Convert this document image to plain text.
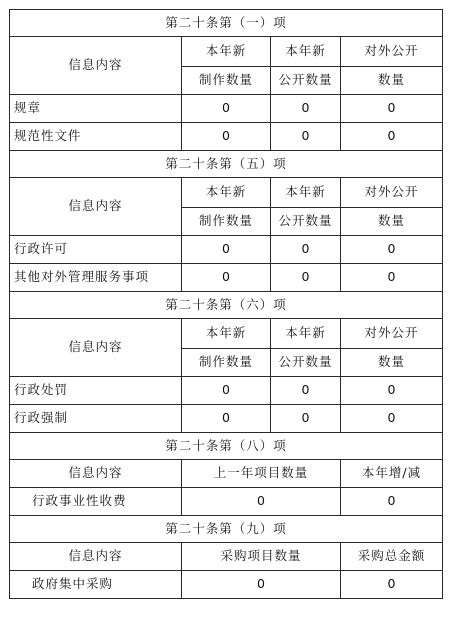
第二十条第（一）项			
信息内容	本年新	本年新	对外公开
	制作数量	公开数量	数量
规章	0	0	0
规范性文件	0	0	0
第二十条第（五）项			
信息内容	本年新	本年新	对外公开
	制作数量	公开数量	数量
行政许可	0	0	0
其他对外管理服务事项	0	0	0
第二十条第（六）项			
信息内容	本年新	本年新	对外公开
	制作数量	公开数量	数量
行政处罚	0	0	0
行政强制	0	0	0
第二十条第（八）项			
信息内容	上一年项目数量		本年增/减
行政事业性收费	0		0
第二十条第（九）项			
信息内容	采购项目数量		采购总金额
政府集中采购	0		0
